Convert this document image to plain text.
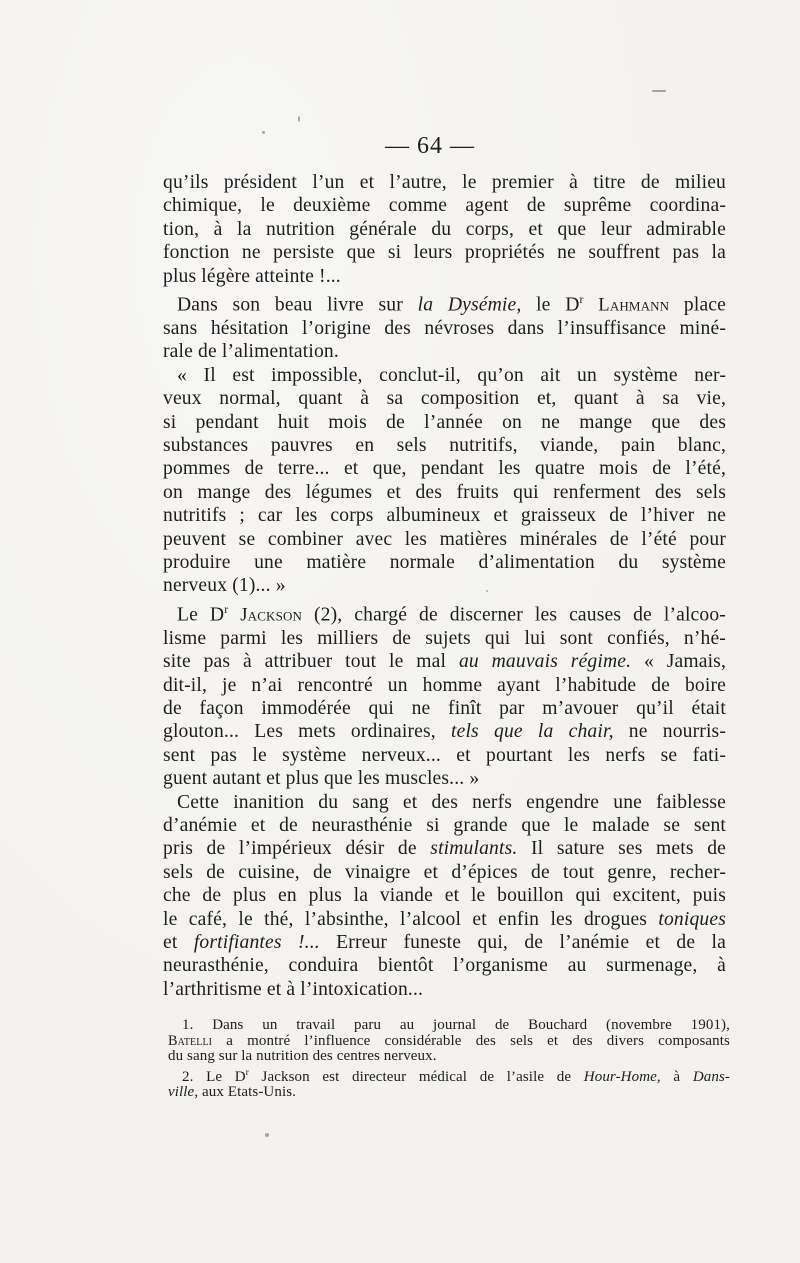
— 64 —

qu’ils président l’un et l’autre, le premier à titre de milieu
chimique, le deuxième comme agent de suprême coordina-
tion, à la nutrition générale du corps, et que leur admirable
fonction ne persiste que si leurs propriétés ne souffrent pas la
plus légère atteinte !...

Dans son beau livre sur la Dysémie, le $D^r$ Lahmann place
sans hésitation l’origine des névroses dans l’insuffisance miné-
rale de l’alimentation.

« Il est impossible, conclut-il, qu’on ait un système ner-
veux normal, quant à sa composition et, quant à sa vie,
si pendant huit mois de l’année on ne mange que des
substances pauvres en sels nutritifs, viande, pain blanc,
pommes de terre... et que, pendant les quatre mois de l’été,
on mange des légumes et des fruits qui renferment des sels
nutritifs ; car les corps albumineux et graisseux de l’hiver ne
peuvent se combiner avec les matières minérales de l’été pour
produire une matière normale d’alimentation du système
nerveux (1)... »

Le $D^r$ Jackson (2), chargé de discerner les causes de l’alcoo-
lisme parmi les milliers de sujets qui lui sont confiés, n’hé-
site pas à attribuer tout le mal au mauvais régime. « Jamais,
dit-il, je n’ai rencontré un homme ayant l’habitude de boire
de façon immodérée qui ne finît par m’avouer qu’il était
glouton... Les mets ordinaires, tels que la chair, ne nourris-
sent pas le système nerveux... et pourtant les nerfs se fati-
guent autant et plus que les muscles... »

Cette inanition du sang et des nerfs engendre une faiblesse
d’anémie et de neurasthénie si grande que le malade se sent
pris de l’impérieux désir de stimulants. Il sature ses mets de
sels de cuisine, de vinaigre et d’épices de tout genre, recher-
che de plus en plus la viande et le bouillon qui excitent, puis
le café, le thé, l’absinthe, l’alcool et enfin les drogues toniques
et fortifiantes !... Erreur funeste qui, de l’anémie et de la
neurasthénie, conduira bientôt l’organisme au surmenage, à
l’arthritisme et à l’intoxication...

1. Dans un travail paru au journal de Bouchard (novembre 1901),
Batelli a montré l’influence considérable des sels et des divers composants
du sang sur la nutrition des centres nerveux.
2. Le $D^r$ Jackson est directeur médical de l’asile de Hour-Home, à Dans-
ville, aux Etats-Unis.
